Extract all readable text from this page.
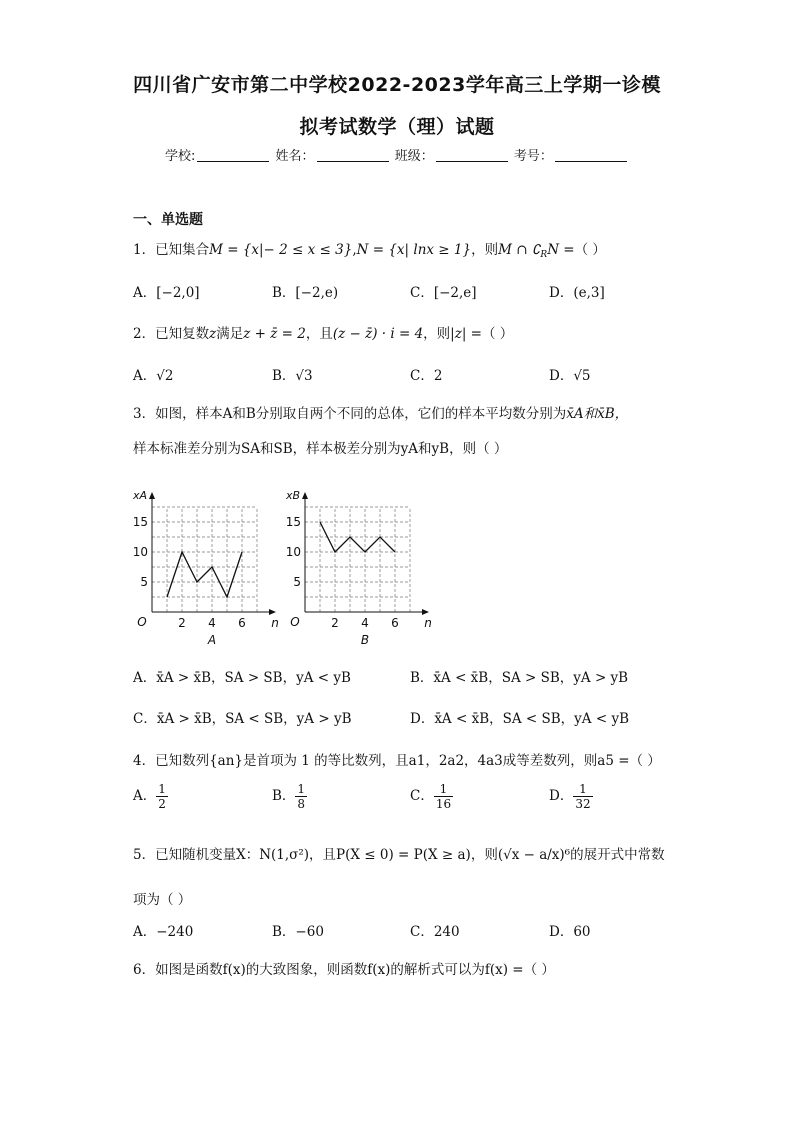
四川省广安市第二中学校2022-2023学年高三上学期一诊模
拟考试数学（理）试题
学校:	姓名：	班级：	考号：
一、单选题
1．已知集合M = {x|− 2 ≤ x ≤ 3},N = {x| lnx ≥ 1}，则M ∩ $∁_RN$ =（ ）
A．[−2,0]	B．[−2,e)	C．[−2,e]	D．(e,3]
2．已知复数z满足z + z̄ = 2，且(z − z̄) · i = 4，则|z| =（ ）
A．√2	B．√3	C．2	D．√5
3．如图，样本A和B分别取自两个不同的总体，它们的样本平均数分别为x̄A和x̄B，
样本标准差分别为SA和SB，样本极差分别为yA和yB，则（ ）
5
10
15
2 4 6
O	n
xA
A
5
10
15
2 4 6
O	n
xB
B
A．x̄A > x̄B，SA > SB，yA < yB	B．x̄A < x̄B，SA > SB，yA > yB
C．x̄A > x̄B，SA < SB，yA > yB	D．x̄A < x̄B，SA < SB，yA < yB
4．已知数列{an}是首项为 1 的等比数列，且a1，2a2，4a3成等差数列，则a5 =（ ）
A． $\frac{1}{2}$	B． $\frac{1}{8}$	C． $\frac{1}{16}$	D． $\frac{1}{32}$
5．已知随机变量X：N(1,σ²)，且P(X ≤ 0) = P(X ≥ a)，则(√x − a/x)⁶的展开式中常数
项为（ ）
A．−240	B．−60	C．240	D．60
6．如图是函数f(x)的大致图象，则函数f(x)的解析式可以为f(x) =（ ）
